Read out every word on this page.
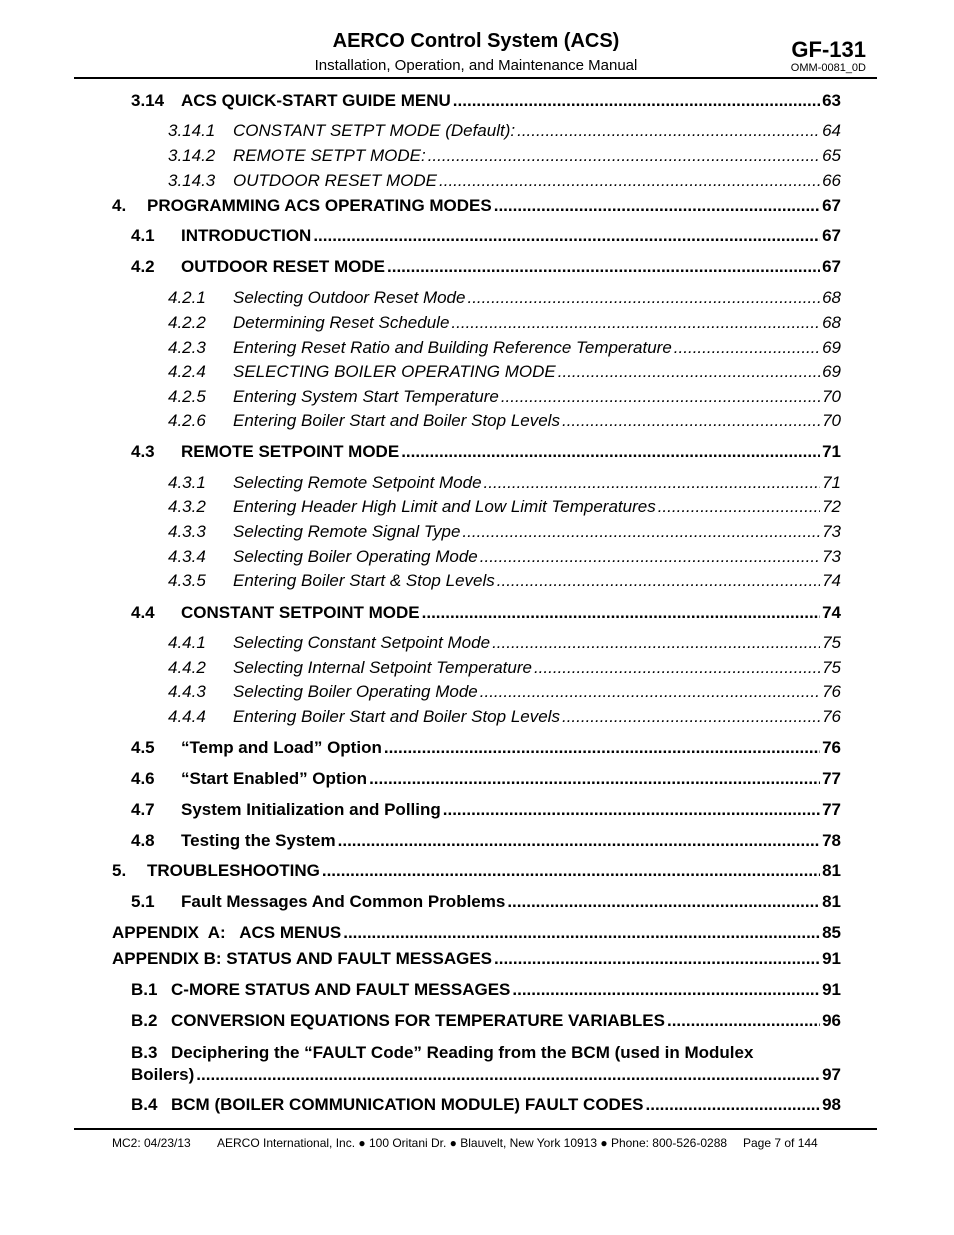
AERCO Control System (ACS)
Installation, Operation, and Maintenance Manual
GF-131
OMM-0081_0D
3.14 ACS QUICK-START GUIDE MENU .....	63
3.14.1	CONSTANT SETPT MODE (Default): .....	64
3.14.2	REMOTE SETPT MODE: .....	65
3.14.3	OUTDOOR RESET MODE .....	66
4.	PROGRAMMING ACS OPERATING MODES .....	67
4.1	INTRODUCTION .....	67
4.2	OUTDOOR RESET MODE .....	67
4.2.1	Selecting Outdoor Reset Mode .....	68
4.2.2	Determining Reset Schedule .....	68
4.2.3	Entering Reset Ratio and Building Reference Temperature .....	69
4.2.4	SELECTING BOILER OPERATING MODE .....	69
4.2.5	Entering System Start Temperature .....	70
4.2.6	Entering Boiler Start and Boiler Stop Levels .....	70
4.3	REMOTE SETPOINT MODE .....	71
4.3.1	Selecting Remote Setpoint Mode .....	71
4.3.2	Entering Header High Limit and Low Limit Temperatures .....	72
4.3.3	Selecting Remote Signal Type .....	73
4.3.4	Selecting Boiler Operating Mode .....	73
4.3.5	Entering Boiler Start & Stop Levels .....	74
4.4	CONSTANT SETPOINT MODE .....	74
4.4.1	Selecting Constant Setpoint Mode .....	75
4.4.2	Selecting Internal Setpoint Temperature .....	75
4.4.3	Selecting Boiler Operating Mode .....	76
4.4.4	Entering Boiler Start and Boiler Stop Levels .....	76
4.5	“Temp and Load” Option .....	76
4.6	“Start Enabled” Option .....	77
4.7	System Initialization and Polling .....	77
4.8	Testing the System .....	78
5.	TROUBLESHOOTING .....	81
5.1	Fault Messages And Common Problems .....	81
APPENDIX  A:   ACS MENUS .....	85
APPENDIX B: STATUS AND FAULT MESSAGES .....	91
B.1 C-MORE STATUS AND FAULT MESSAGES .....	91
B.2 CONVERSION EQUATIONS FOR TEMPERATURE VARIABLES .....	96
B.3 Deciphering the “FAULT Code” Reading from the BCM (used in Modulex
Boilers) .....	97
B.4 BCM (BOILER COMMUNICATION MODULE) FAULT CODES .....	98
MC2: 04/23/13 AERCO International, Inc. ● 100 Oritani Dr. ● Blauvelt, New York 10913 ● Phone: 800-526-0288 Page 7 of 144
